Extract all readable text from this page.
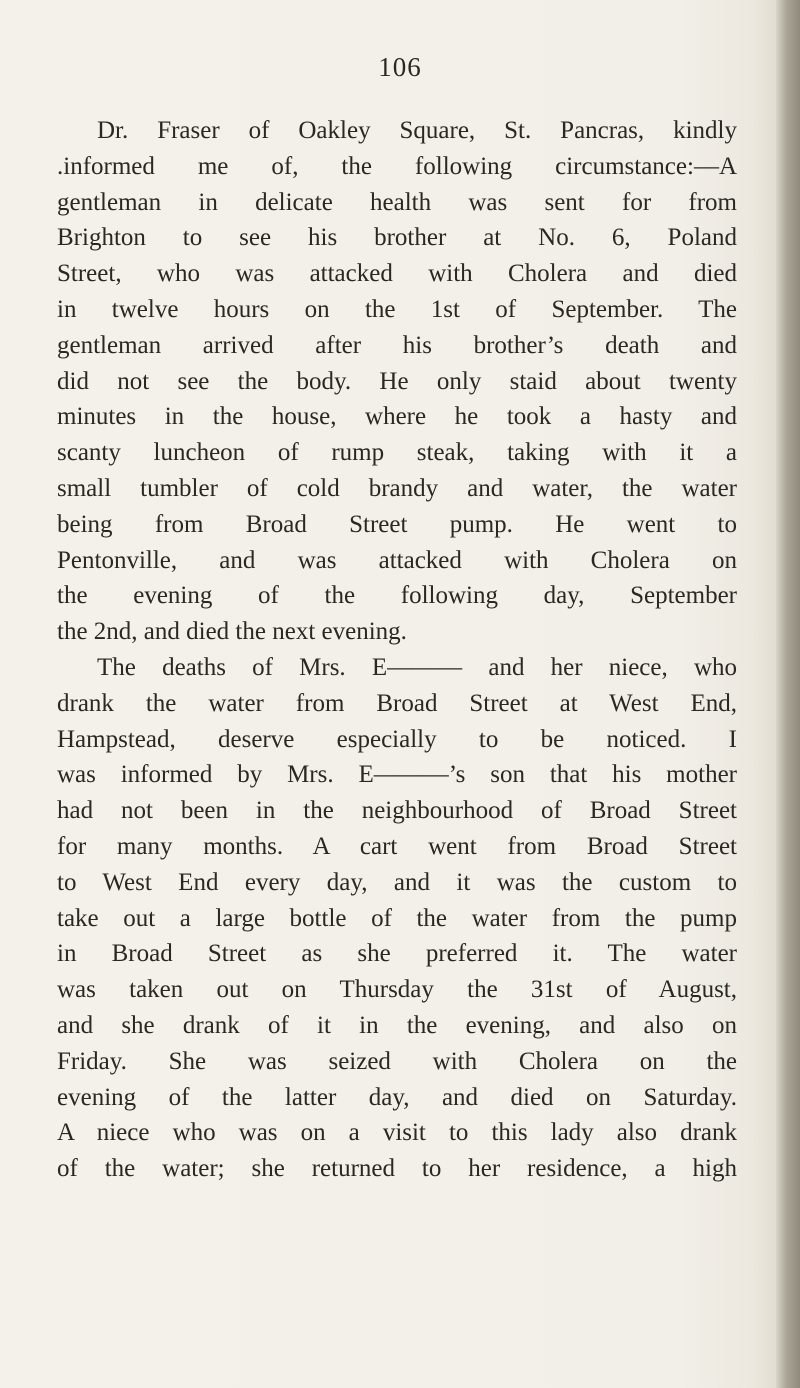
106
Dr. Fraser of Oakley Square, St. Pancras, kindly
.informed me of, the following circumstance:—A
gentleman in delicate health was sent for from
Brighton to see his brother at No. 6, Poland
Street, who was attacked with Cholera and died
in twelve hours on the 1st of September. The
gentleman arrived after his brother’s death and
did not see the body. He only staid about twenty
minutes in the house, where he took a hasty and
scanty luncheon of rump steak, taking with it a
small tumbler of cold brandy and water, the water
being from Broad Street pump. He went to
Pentonville, and was attacked with Cholera on
the evening of the following day, September
the 2nd, and died the next evening.
The deaths of Mrs. E——— and her niece, who
drank the water from Broad Street at West End,
Hampstead, deserve especially to be noticed. I
was informed by Mrs. E———’s son that his mother
had not been in the neighbourhood of Broad Street
for many months. A cart went from Broad Street
to West End every day, and it was the custom to
take out a large bottle of the water from the pump
in Broad Street as she preferred it. The water
was taken out on Thursday the 31st of August,
and she drank of it in the evening, and also on
Friday. She was seized with Cholera on the
evening of the latter day, and died on Saturday.
A niece who was on a visit to this lady also drank
of the water; she returned to her residence, a high
